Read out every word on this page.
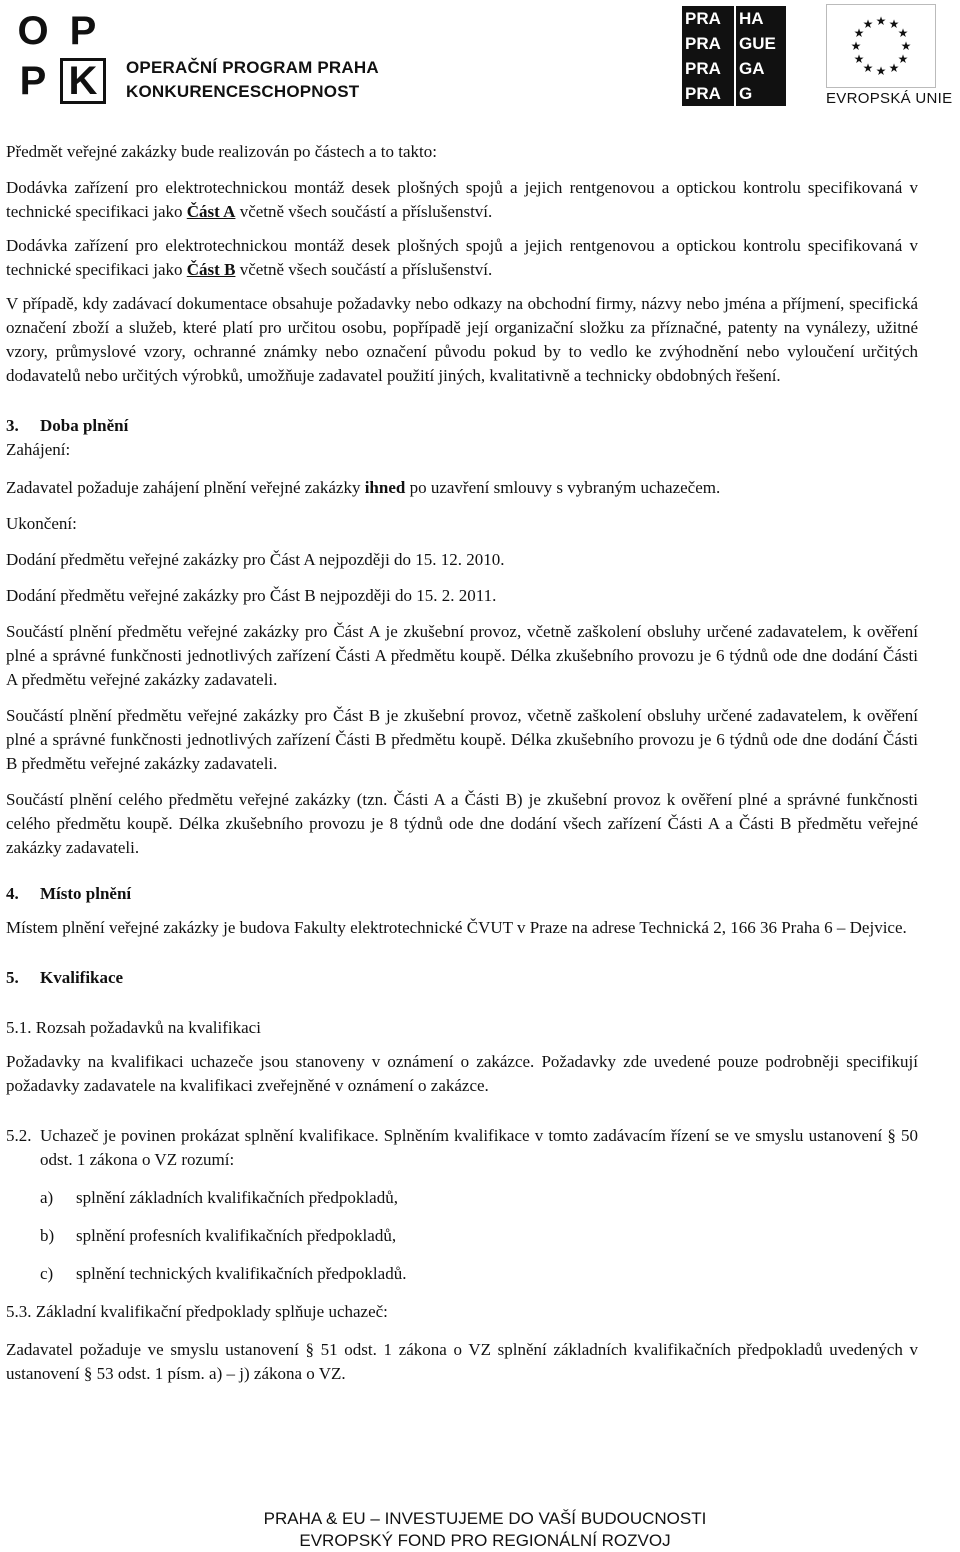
O P
P K	OPERAČNÍ PROGRAM PRAHA
KONKURENCESCHOPNOST
PRA	HA
PRA	GUE
PRA	GA
PRA	G
★ ★
★
★
★
★
★
★
★
★
★
★
EVROPSKÁ UNIE

Předmět veřejné zakázky bude realizován po částech a to takto:

Dodávka zařízení pro elektrotechnickou montáž desek plošných spojů a jejich rentgenovou a optickou kontrolu specifikovaná v technické specifikaci jako Část A včetně všech součástí a příslušenství.

Dodávka zařízení pro elektrotechnickou montáž desek plošných spojů a jejich rentgenovou a optickou kontrolu specifikovaná v technické specifikaci jako Část B včetně všech součástí a příslušenství.

V případě, kdy zadávací dokumentace obsahuje požadavky nebo odkazy na obchodní firmy, názvy nebo jména a příjmení, specifická označení zboží a služeb, které platí pro určitou osobu, popřípadě její organizační složku za příznačné, patenty na vynálezy, užitné vzory, průmyslové vzory, ochranné známky nebo označení původu pokud by to vedlo ke zvýhodnění nebo vyloučení určitých dodavatelů nebo určitých výrobků, umožňuje zadavatel použití jiných, kvalitativně a technicky obdobných řešení.

3. Doba plnění

Zahájení:

Zadavatel požaduje zahájení plnění veřejné zakázky ihned po uzavření smlouvy s vybraným uchazečem.

Ukončení:

Dodání předmětu veřejné zakázky pro Část A nejpozději do 15. 12. 2010.

Dodání předmětu veřejné zakázky pro Část B nejpozději do 15. 2. 2011.

Součástí plnění předmětu veřejné zakázky pro Část A je zkušební provoz, včetně zaškolení obsluhy určené zadavatelem, k ověření plné a správné funkčnosti jednotlivých zařízení Části A předmětu koupě. Délka zkušebního provozu je 6 týdnů ode dne dodání Části A předmětu veřejné zakázky zadavateli.

Součástí plnění předmětu veřejné zakázky pro Část B je zkušební provoz, včetně zaškolení obsluhy určené zadavatelem, k ověření plné a správné funkčnosti jednotlivých zařízení Části B předmětu koupě. Délka zkušebního provozu je 6 týdnů ode dne dodání Části B předmětu veřejné zakázky zadavateli.

Součástí plnění celého předmětu veřejné zakázky (tzn. Části A a Části B) je zkušební provoz k ověření plné a správné funkčnosti celého předmětu koupě. Délka zkušebního provozu je 8 týdnů ode dne dodání všech zařízení Části A a Části B předmětu veřejné zakázky zadavateli.

4. Místo plnění

Místem plnění veřejné zakázky je budova Fakulty elektrotechnické ČVUT v Praze na adrese Technická 2, 166 36 Praha 6 – Dejvice.

5. Kvalifikace

5.1. Rozsah požadavků na kvalifikaci

Požadavky na kvalifikaci uchazeče jsou stanoveny v oznámení o zakázce. Požadavky zde uvedené pouze podrobněji specifikují požadavky zadavatele na kvalifikaci zveřejněné v oznámení o zakázce.

5.2. Uchazeč je povinen prokázat splnění kvalifikace. Splněním kvalifikace v tomto zadávacím řízení se ve smyslu ustanovení § 50 odst. 1 zákona o VZ rozumí:
a)	splnění základních kvalifikačních předpokladů,
b)	splnění profesních kvalifikačních předpokladů,
c)	splnění technických kvalifikačních předpokladů.

5.3. Základní kvalifikační předpoklady splňuje uchazeč:

Zadavatel požaduje ve smyslu ustanovení § 51 odst. 1 zákona o VZ splnění základních kvalifikačních předpokladů uvedených v ustanovení § 53 odst. 1 písm. a) – j) zákona o VZ.

PRAHA & EU – INVESTUJEME DO VAŠÍ BUDOUCNOSTI
EVROPSKÝ FOND PRO REGIONÁLNÍ ROZVOJ
